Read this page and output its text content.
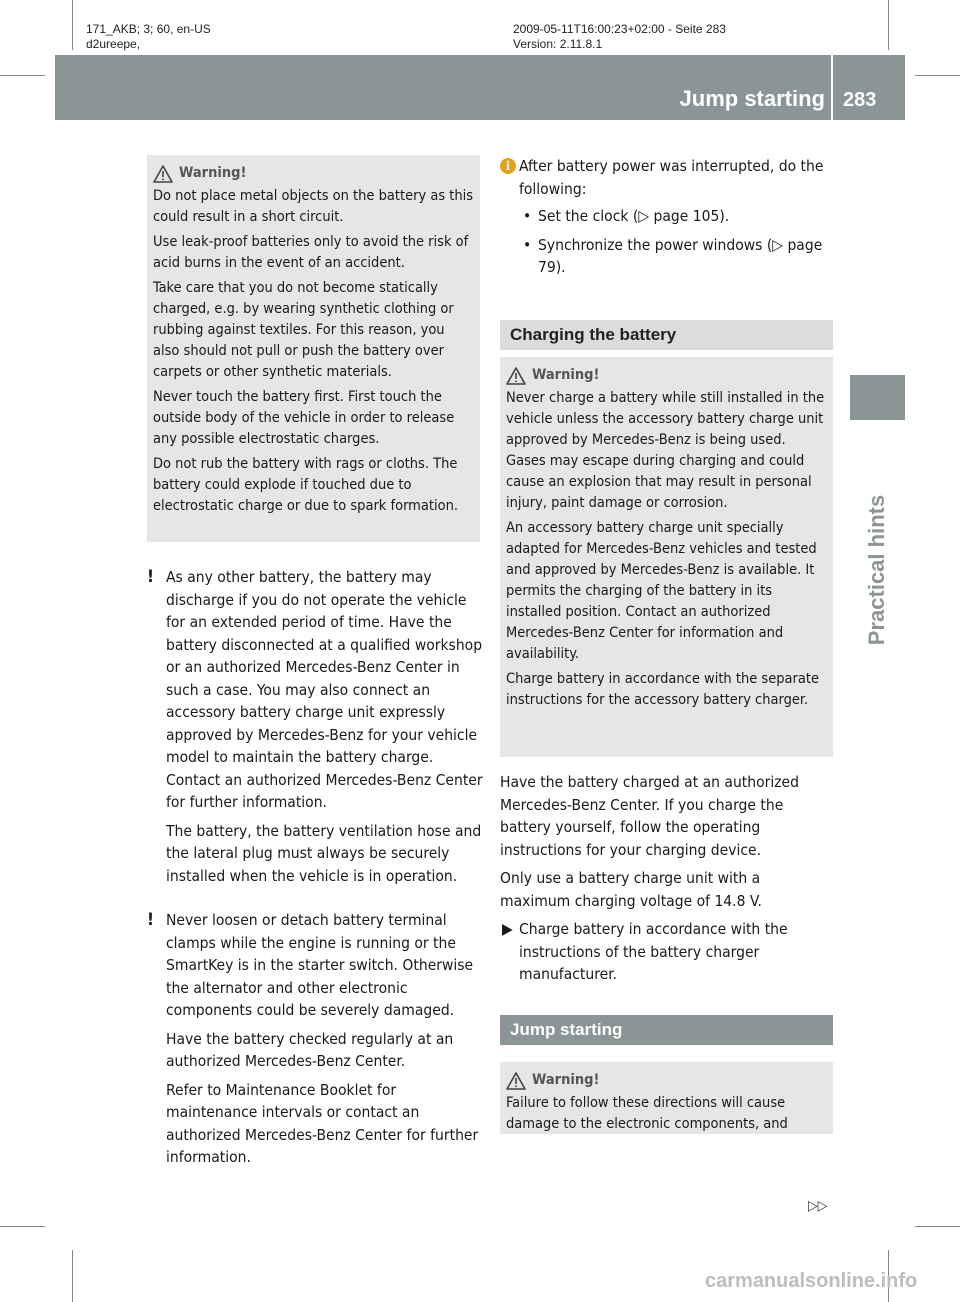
171_AKB; 3; 60, en-US
d2ureepe,
2009-05-11T16:00:23+02:00 - Seite 283
Version: 2.11.8.1
Jump starting 283
Practical hints
Warning!

Do not place metal objects on the battery as this could result in a short circuit.

Use leak-proof batteries only to avoid the risk of acid burns in the event of an accident.

Take care that you do not become statically charged, e.g. by wearing synthetic clothing or rubbing against textiles. For this reason, you also should not pull or push the battery over carpets or other synthetic materials.

Never touch the battery first. First touch the outside body of the vehicle in order to release any possible electrostatic charges.

Do not rub the battery with rags or cloths. The battery could explode if touched due to electrostatic charge or due to spark formation.

! As any other battery, the battery may discharge if you do not operate the vehicle for an extended period of time. Have the battery disconnected at a qualified workshop or an authorized Mercedes-Benz Center in such a case. You may also connect an accessory battery charge unit expressly approved by Mercedes-Benz for your vehicle model to maintain the battery charge. Contact an authorized Mercedes-Benz Center for further information.

The battery, the battery ventilation hose and the lateral plug must always be securely installed when the vehicle is in operation.

! Never loosen or detach battery terminal clamps while the engine is running or the SmartKey is in the starter switch. Otherwise the alternator and other electronic components could be severely damaged.

Have the battery checked regularly at an authorized Mercedes-Benz Center.

Refer to Maintenance Booklet for maintenance intervals or contact an authorized Mercedes-Benz Center for further information.

i After battery power was interrupted, do the following:

• Set the clock (▷ page 105).
• Synchronize the power windows (▷ page 79).
Charging the battery
Warning!

Never charge a battery while still installed in the vehicle unless the accessory battery charge unit approved by Mercedes-Benz is being used. Gases may escape during charging and could cause an explosion that may result in personal injury, paint damage or corrosion.

An accessory battery charge unit specially adapted for Mercedes-Benz vehicles and tested and approved by Mercedes-Benz is available. It permits the charging of the battery in its installed position. Contact an authorized Mercedes-Benz Center for information and availability.

Charge battery in accordance with the separate instructions for the accessory battery charger.

Have the battery charged at an authorized Mercedes-Benz Center. If you charge the battery yourself, follow the operating instructions for your charging device.

Only use a battery charge unit with a maximum charging voltage of 14.8 V.

▶ Charge battery in accordance with the instructions of the battery charger manufacturer.
Jump starting
Warning!

Failure to follow these directions will cause damage to the electronic components, and

▷▷
carmanualsonline.info
